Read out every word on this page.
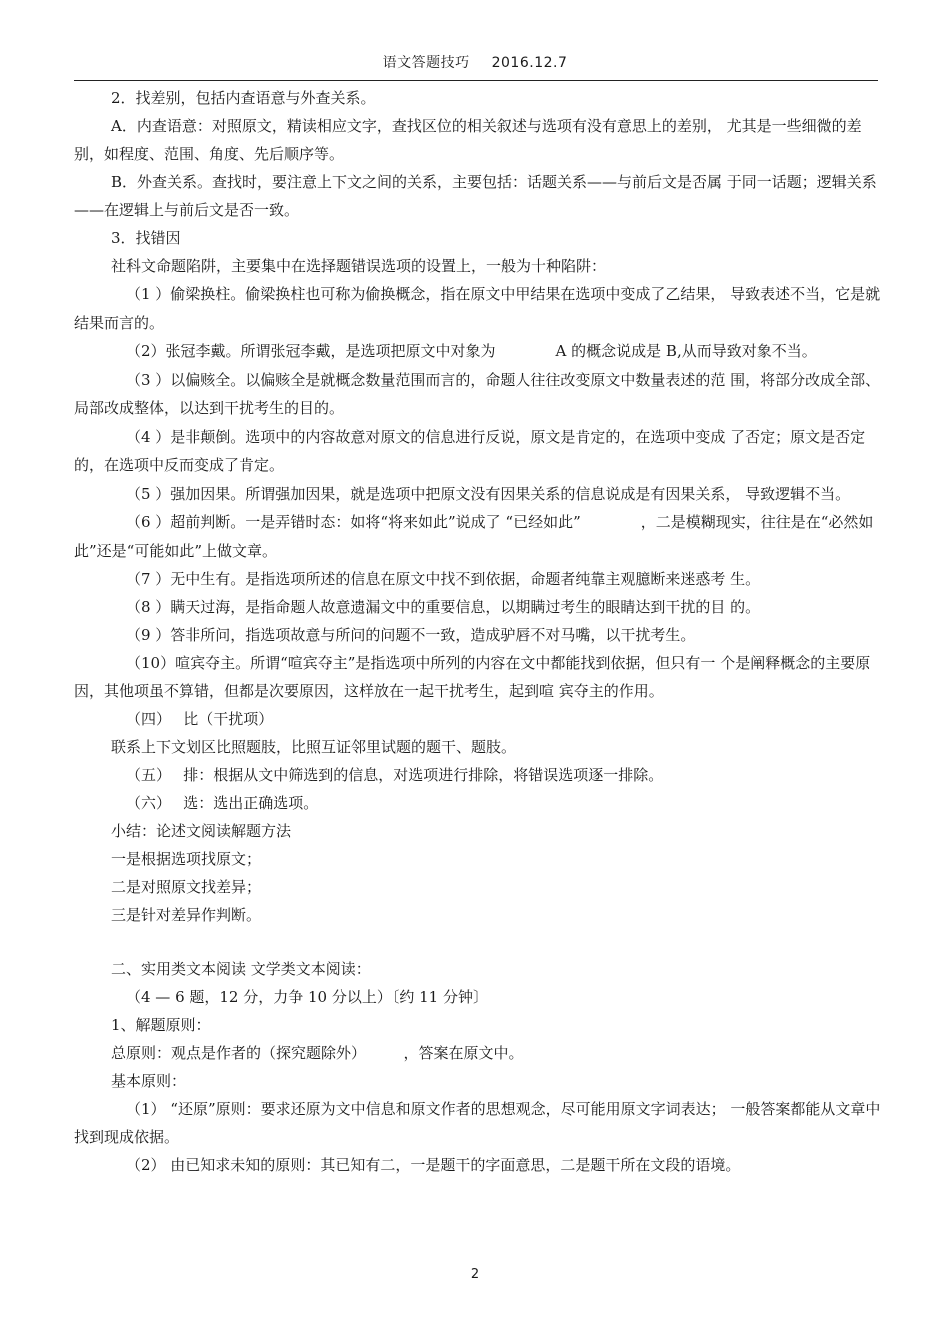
语文答题技巧 2016.12.7

2．找差别，包括内查语意与外查关系。

A．内查语意：对照原文，精读相应文字，查找区位的相关叙述与选项有没有意思上的差别， 尤其是一些细微的差别，如程度、范围、角度、先后顺序等。

B．外查关系。查找时，要注意上下文之间的关系，主要包括：话题关系——与前后文是否属 于同一话题；逻辑关系——在逻辑上与前后文是否一致。

3．找错因

社科文命题陷阱，主要集中在选择题错误选项的设置上，一般为十种陷阱：

（1 ）偷梁换柱。偷梁换柱也可称为偷换概念，指在原文中甲结果在选项中变成了乙结果， 导致表述不当，它是就结果而言的。

（2）张冠李戴。所谓张冠李戴，是选项把原文中对象为　　　　A 的概念说成是 B,从而导致对象不当。

（3 ）以偏赅全。以偏赅全是就概念数量范围而言的，命题人往往改变原文中数量表述的范 围，将部分改成全部、局部改成整体，以达到干扰考生的目的。

（4 ）是非颠倒。选项中的内容故意对原文的信息进行反说，原文是肯定的，在选项中变成 了否定；原文是否定的，在选项中反而变成了肯定。

（5 ）强加因果。所谓强加因果，就是选项中把原文没有因果关系的信息说成是有因果关系， 导致逻辑不当。

（6 ）超前判断。一是弄错时态：如将“将来如此”说成了 “已经如此”　　　　，二是模糊现实，往往是在“必然如此”还是“可能如此”上做文章。

（7 ）无中生有。是指选项所述的信息在原文中找不到依据，命题者纯靠主观臆断来迷惑考 生。

（8 ）瞒天过海，是指命题人故意遗漏文中的重要信息，以期瞒过考生的眼睛达到干扰的目 的。

（9 ）答非所问，指选项故意与所问的问题不一致，造成驴唇不对马嘴，以干扰考生。

（10）喧宾夺主。所谓“喧宾夺主”是指选项中所列的内容在文中都能找到依据，但只有一 个是阐释概念的主要原因，其他项虽不算错，但都是次要原因，这样放在一起干扰考生，起到喧 宾夺主的作用。

（四）　 比（干扰项）

联系上下文划区比照题肢，比照互证邻里试题的题干、题肢。

（五）　 排：根据从文中筛选到的信息，对选项进行排除，将错误选项逐一排除。

（六）　 选：选出正确选项。

小结：论述文阅读解题方法

一是根据选项找原文；

二是对照原文找差异；

三是针对差异作判断。

二、实用类文本阅读 文学类文本阅读：

（4 — 6 题，12 分，力争 10 分以上）〔约 11 分钟〕

1、解题原则：

总原则：观点是作者的（探究题除外）　　　，答案在原文中。

基本原则：

（1） “还原”原则：要求还原为文中信息和原文作者的思想观念，尽可能用原文字词表达； 一般答案都能从文章中找到现成依据。

（2） 由已知求未知的原则：其已知有二，一是题干的字面意思，二是题干所在文段的语境。

2
